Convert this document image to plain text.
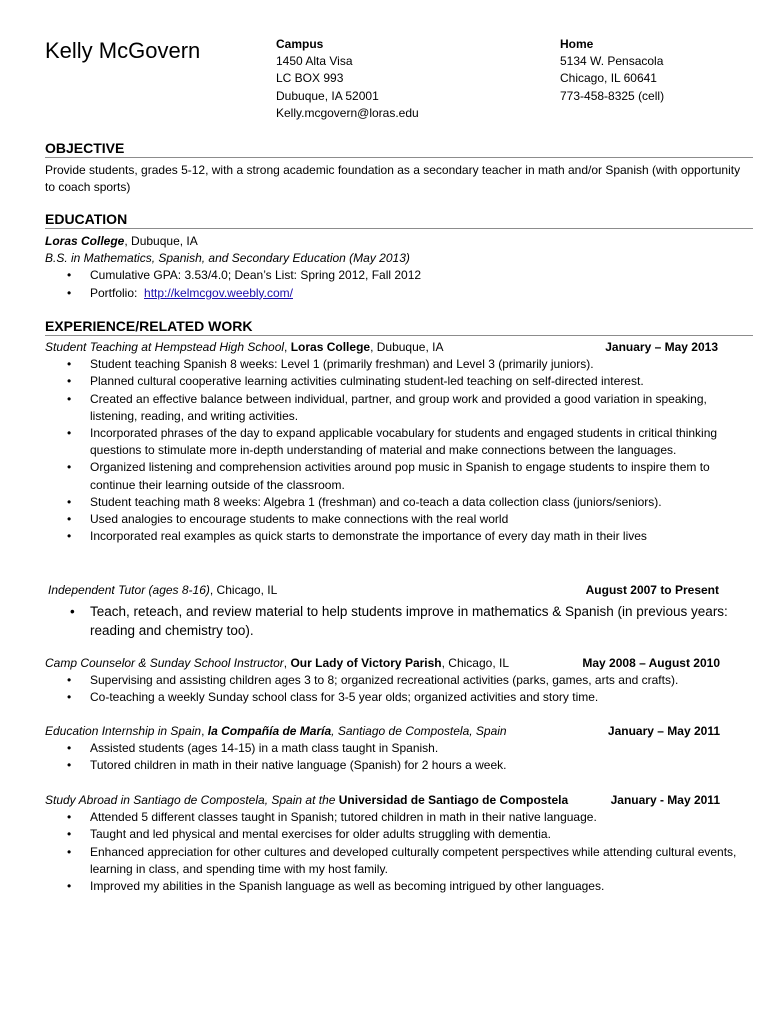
Kelly McGovern	Campus
1450 Alta Visa
LC BOX 993
Dubuque, IA 52001
Kelly.mcgovern@loras.edu
Home
5134 W. Pensacola
Chicago, IL 60641
773-458-8325 (cell)
OBJECTIVE

Provide students, grades 5-12, with a strong academic foundation as a secondary teacher in math and/or Spanish (with opportunity to coach sports)

EDUCATION

Loras College, Dubuque, IA

B.S. in Mathematics, Spanish, and Secondary Education (May 2013)

• Cumulative GPA: 3.53/4.0; Dean’s List: Spring 2012, Fall 2012
• Portfolio: http://kelmcgov.weebly.com/
EXPERIENCE/RELATED WORK
Student Teaching at Hempstead High School, Loras College, Dubuque, IA	January – May 2013
• Student teaching Spanish 8 weeks: Level 1 (primarily freshman) and Level 3 (primarily juniors).
• Planned cultural cooperative learning activities culminating student-led teaching on self-directed interest.
• Created an effective balance between individual, partner, and group work and provided a good variation in speaking, listening, reading, and writing activities.
• Incorporated phrases of the day to expand applicable vocabulary for students and engaged students in critical thinking questions to stimulate more in-depth understanding of material and make connections between the languages.
• Organized listening and comprehension activities around pop music in Spanish to engage students to inspire them to continue their learning outside of the classroom.
• Student teaching math 8 weeks: Algebra 1 (freshman) and co-teach a data collection class (juniors/seniors).
• Used analogies to encourage students to make connections with the real world
• Incorporated real examples as quick starts to demonstrate the importance of every day math in their lives
Independent Tutor (ages 8-16), Chicago, IL	August 2007 to Present
• Teach, reteach, and review material to help students improve in mathematics & Spanish (in previous years: reading and chemistry too).
Camp Counselor & Sunday School Instructor, Our Lady of Victory Parish, Chicago, IL	May 2008 – August 2010
• Supervising and assisting children ages 3 to 8; organized recreational activities (parks, games, arts and crafts).
• Co-teaching a weekly Sunday school class for 3-5 year olds; organized activities and story time.
Education Internship in Spain, la Compañía de María, Santiago de Compostela, Spain	January – May 2011
• Assisted students (ages 14-15) in a math class taught in Spanish.
• Tutored children in math in their native language (Spanish) for 2 hours a week.
Study Abroad in Santiago de Compostela, Spain at the Universidad de Santiago de Compostela	January - May 2011
• Attended 5 different classes taught in Spanish; tutored children in math in their native language.
• Taught and led physical and mental exercises for older adults struggling with dementia.
• Enhanced appreciation for other cultures and developed culturally competent perspectives while attending cultural events, learning in class, and spending time with my host family.
• Improved my abilities in the Spanish language as well as becoming intrigued by other languages.
